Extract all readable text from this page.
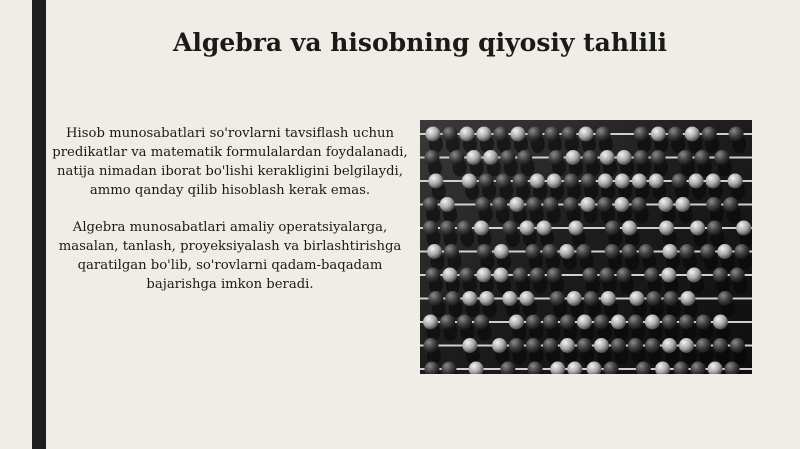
Algebra va hisobning qiyosiy tahlili

Hisob munosabatlari so'rovlarni tavsiflash uchun predikatlar va matematik formulalardan foydalanadi, natija nimadan iborat bo'lishi kerakligini belgilaydi, ammo qanday qilib hisoblash kerak emas.

Algebra munosabatlari amaliy operatsiyalarga, masalan, tanlash, proyeksiyalash va birlashtirishga qaratilgan bo'lib, so'rovlarni qadam-baqadam bajarishga imkon beradi.
